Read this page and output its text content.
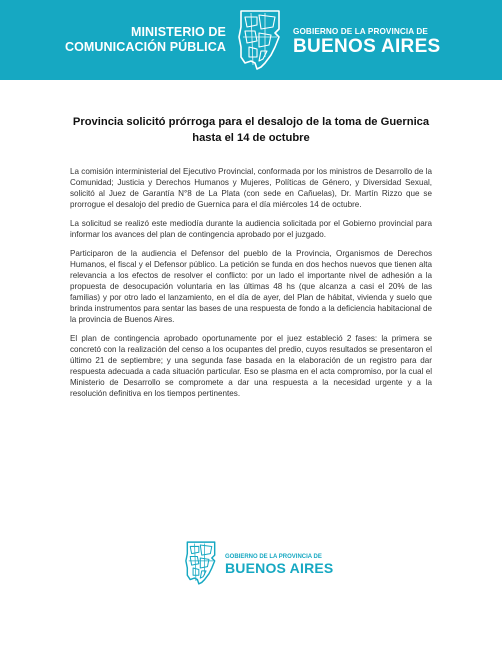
MINISTERIO DE
COMUNICACIÓN PÚBLICA
GOBIERNO DE LA PROVINCIA DE
BUENOS AIRES
Provincia solicitó prórroga para el desalojo de la toma de Guernica
hasta el 14 de octubre

La comisión interministerial del Ejecutivo Provincial, conformada por los ministros de Desarrollo de la Comunidad; Justicia y Derechos Humanos y Mujeres, Políticas de Género, y Diversidad Sexual, solicitó al Juez de Garantía N°8 de La Plata (con sede en Cañuelas), Dr. Martín Rizzo que se prorrogue el desalojo del predio de Guernica para el día miércoles 14 de octubre.

La solicitud se realizó este mediodía durante la audiencia solicitada por el Gobierno provincial para informar los avances del plan de contingencia aprobado por el juzgado.

Participaron de la audiencia el Defensor del pueblo de la Provincia, Organismos de Derechos Humanos, el fiscal y el Defensor público. La petición se funda en dos hechos nuevos que tienen alta relevancia a los efectos de resolver el conflicto: por un lado el importante nivel de adhesión a la propuesta de desocupación voluntaria en las últimas 48 hs (que alcanza a casi el 20% de las familias) y por otro lado el lanzamiento, en el día de ayer, del Plan de hábitat, vivienda y suelo que brinda instrumentos para sentar las bases de una respuesta de fondo a la deficiencia habitacional de la provincia de Buenos Aires.

El plan de contingencia aprobado oportunamente por el juez estableció 2 fases: la primera se concretó con la realización del censo a los ocupantes del predio, cuyos resultados se presentaron el último 21 de septiembre; y una segunda fase basada en la elaboración de un registro para dar respuesta adecuada a cada situación particular. Eso se plasma en el acta compromiso, por la cual el Ministerio de Desarrollo se compromete a dar una respuesta a la necesidad urgente y a la resolución definitiva en los tiempos pertinentes.

GOBIERNO DE LA PROVINCIA DE
BUENOS AIRES
